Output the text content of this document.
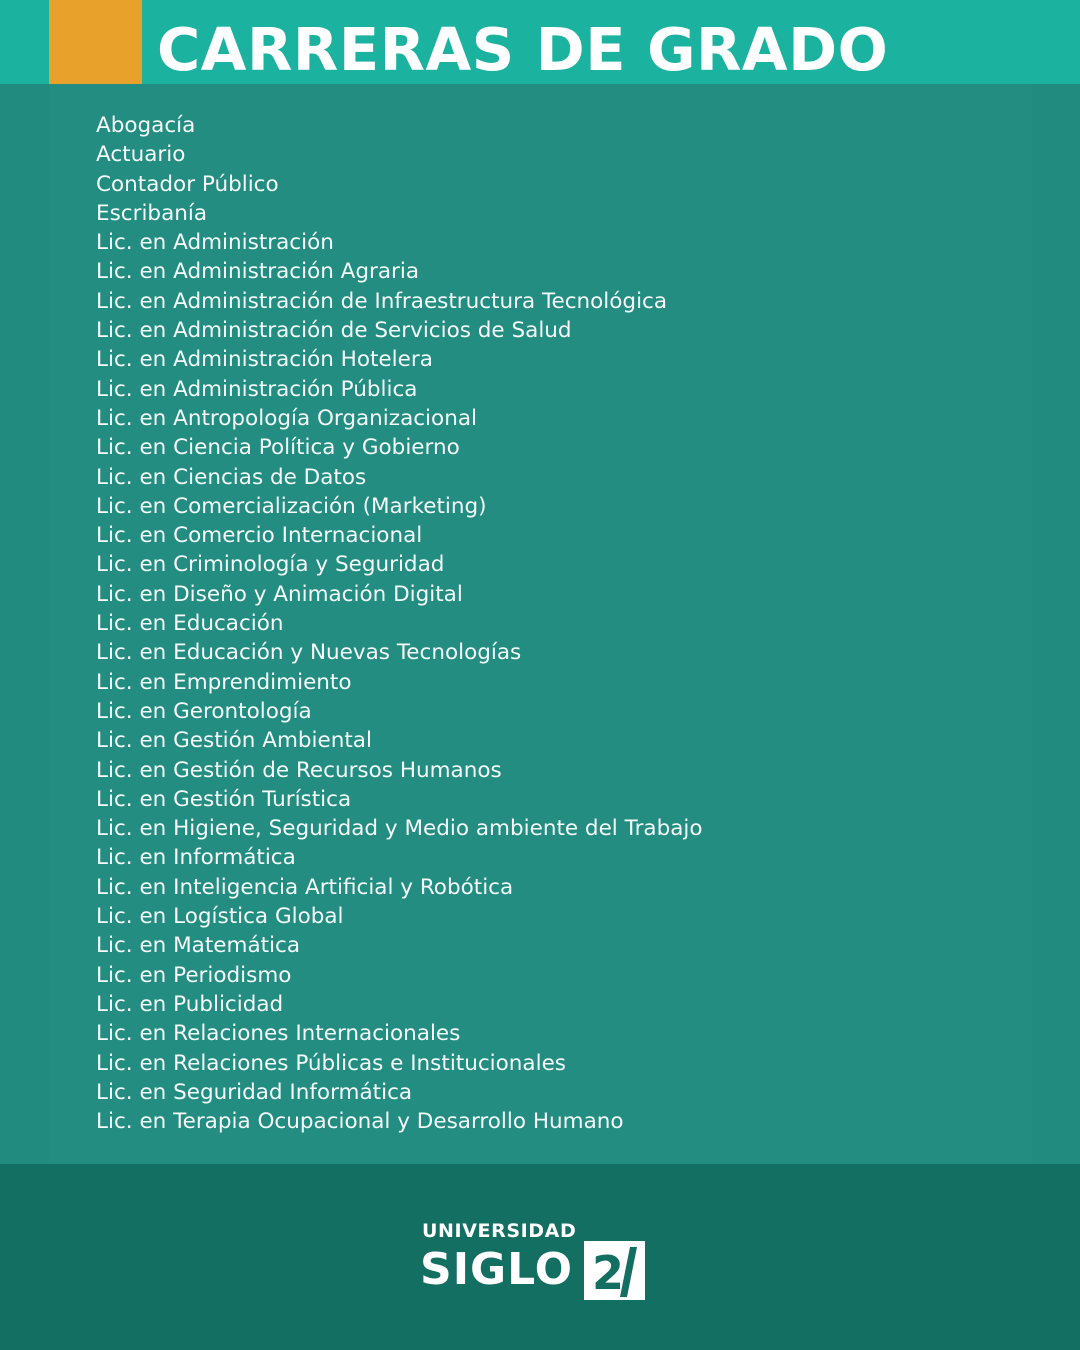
CARRERAS DE GRADO
Abogacía
Actuario
Contador Público
Escribanía
Lic. en Administración
Lic. en Administración Agraria
Lic. en Administración de Infraestructura Tecnológica
Lic. en Administración de Servicios de Salud
Lic. en Administración Hotelera
Lic. en Administración Pública
Lic. en Antropología Organizacional
Lic. en Ciencia Política y Gobierno
Lic. en Ciencias de Datos
Lic. en Comercialización (Marketing)
Lic. en Comercio Internacional
Lic. en Criminología y Seguridad
Lic. en Diseño y Animación Digital
Lic. en Educación
Lic. en Educación y Nuevas Tecnologías
Lic. en Emprendimiento
Lic. en Gerontología
Lic. en Gestión Ambiental
Lic. en Gestión de Recursos Humanos
Lic. en Gestión Turística
Lic. en Higiene, Seguridad y Medio ambiente del Trabajo
Lic. en Informática
Lic. en Inteligencia Artificial y Robótica
Lic. en Logística Global
Lic. en Matemática
Lic. en Periodismo
Lic. en Publicidad
Lic. en Relaciones Internacionales
Lic. en Relaciones Públicas e Institucionales
Lic. en Seguridad Informática
Lic. en Terapia Ocupacional y Desarrollo Humano
UNIVERSIDAD
SIGLO 2
